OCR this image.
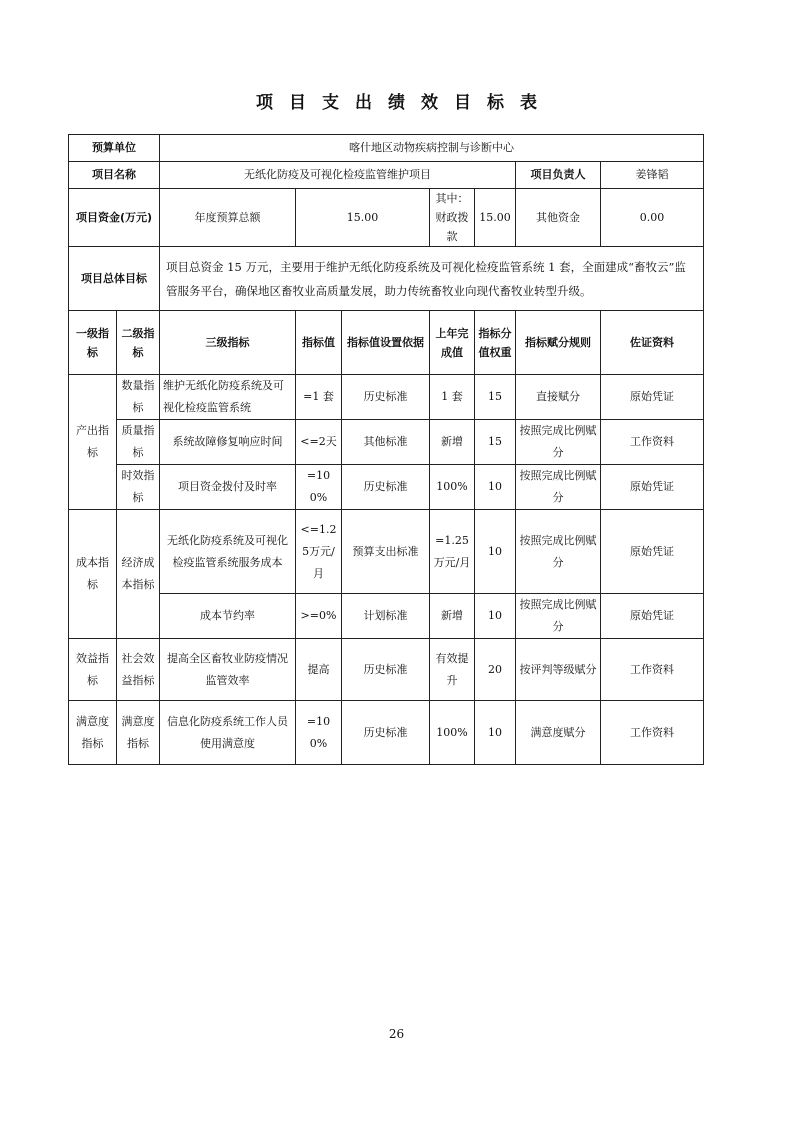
项 目 支 出 绩 效 目 标 表
预算单位		喀什地区动物疾病控制与诊断中心						
项目名称		无纸化防疫及可视化检疫监管维护项目					项目负责人	姜锋韬
项目资金(万元)		年度预算总额	15.00		其中：财政拨款	15.00	其他资金	0.00
项目总体目标		项目总资金 15 万元，主要用于维护无纸化防疫系统及可视化检疫监管系统 1 套，全面建成“畜牧云”监管服务平台，确保地区畜牧业高质量发展，助力传统畜牧业向现代畜牧业转型升级。						
一级指标	二级指标	三级指标	指标值	指标值设置依据	上年完成值	指标分值权重	指标赋分规则	佐证资料
产出指标	数量指标	维护无纸化防疫系统及可视化检疫监管系统	=1 套	历史标准	1 套	15	直接赋分	原始凭证
	质量指标	系统故障修复响应时间	<=2天	其他标准	新增	15	按照完成比例赋分	工作资料
	时效指标	项目资金拨付及时率	=100%	历史标准	100%	10	按照完成比例赋分	原始凭证
成本指标	经济成本指标	无纸化防疫系统及可视化检疫监管系统服务成本	<=1.25万元/月	预算支出标准	=1.25万元/月	10	按照完成比例赋分	原始凭证
		成本节约率	>=0%	计划标准	新增	10	按照完成比例赋分	原始凭证
效益指标	社会效益指标	提高全区畜牧业防疫情况监管效率	提高	历史标准	有效提升	20	按评判等级赋分	工作资料
满意度指标	满意度指标	信息化防疫系统工作人员使用满意度	=100%	历史标准	100%	10	满意度赋分	工作资料
26
